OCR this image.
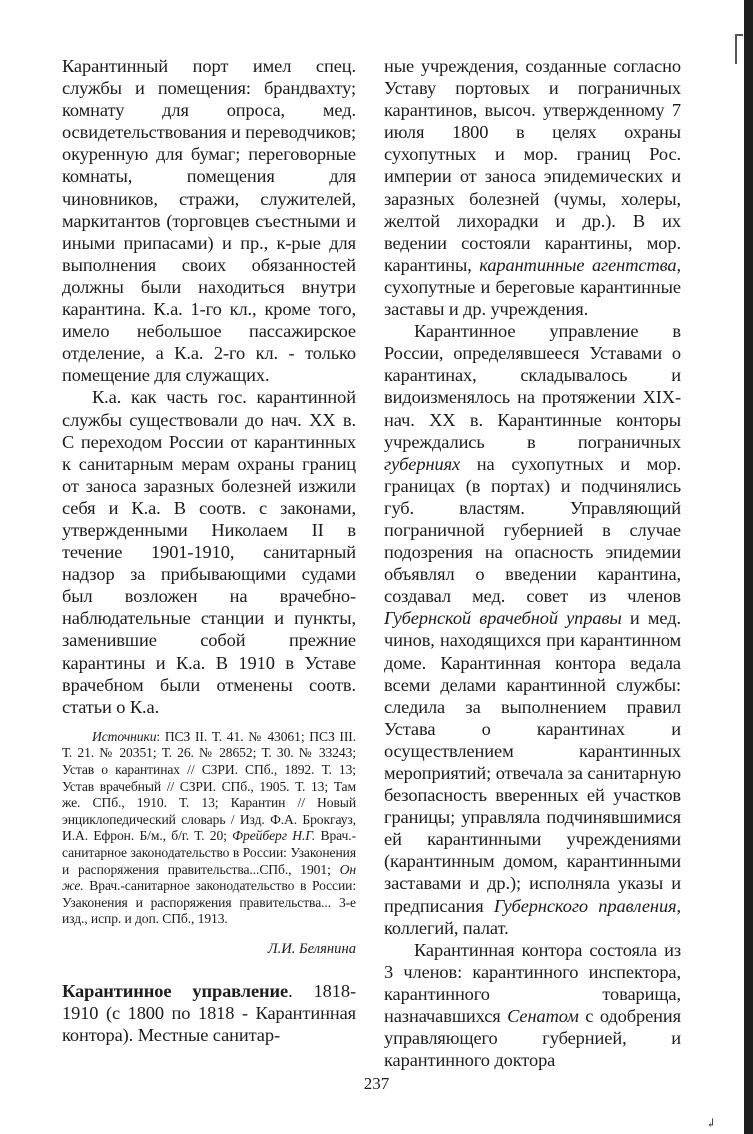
Карантинный порт имел спец. службы и помещения: брандвахту; комнату для опроса, мед. освидетельствования и переводчиков; окуренную для бумаг; переговорные комнаты, помещения для чиновников, стражи, служителей, маркитантов (торговцев съестными и иными припасами) и пр., к-рые для выполнения своих обязанностей должны были находиться внутри карантина. К.а. 1-го кл., кроме того, имело небольшое пассажирское отделение, а К.а. 2-го кл. - только помещение для служащих.

К.а. как часть гос. карантинной службы существовали до нач. XX в. С переходом России от карантинных к санитарным мерам охраны границ от заноса заразных болезней изжили себя и К.а. В соотв. с законами, утвержденными Николаем II в течение 1901-1910, санитарный надзор за прибывающими судами был возложен на врачебно-наблюдательные станции и пункты, заменившие собой прежние карантины и К.а. В 1910 в Уставе врачебном были отменены соотв. статьи о К.а.

Источники: ПСЗ II. Т. 41. № 43061; ПСЗ III. Т. 21. № 20351; Т. 26. № 28652; Т. 30. № 33243; Устав о карантинах // СЗРИ. СПб., 1892. Т. 13; Устав врачебный // СЗРИ. СПб., 1905. Т. 13; Там же. СПб., 1910. Т. 13; Карантин // Новый энциклопедический словарь / Изд. Ф.А. Брокгауз, И.А. Ефрон. Б/м., б/г. Т. 20; Фрейберг Н.Г. Врач.-санитарное законодательство в России: Узаконения и распоряжения правительства...СПб., 1901; Он же. Врач.-санитарное законодательство в России: Узаконения и распоряжения правительства... 3-е изд., испр. и доп. СПб., 1913.

Л.И. Белянина

Карантинное управление. 1818-1910 (с 1800 по 1818 - Карантинная контора). Местные санитар-

ные учреждения, созданные согласно Уставу портовых и пограничных карантинов, высоч. утвержденному 7 июля 1800 в целях охраны сухопутных и мор. границ Рос. империи от заноса эпидемических и заразных болезней (чумы, холеры, желтой лихорадки и др.). В их ведении состояли карантины, мор. карантины, карантинные агентства, сухопутные и береговые карантинные заставы и др. учреждения.

Карантинное управление в России, определявшееся Уставами о карантинах, складывалось и видоизменялось на протяжении XIX-нач. XX в. Карантинные конторы учреждались в пограничных губерниях на сухопутных и мор. границах (в портах) и подчинялись губ. властям. Управляющий пограничной губернией в случае подозрения на опасность эпидемии объявлял о введении карантина, создавал мед. совет из членов Губернской врачебной управы и мед. чинов, находящихся при карантинном доме. Карантинная контора ведала всеми делами карантинной службы: следила за выполнением правил Устава о карантинах и осуществлением карантинных мероприятий; отвечала за санитарную безопасность вверенных ей участков границы; управляла подчинявшимися ей карантинными учреждениями (карантинным домом, карантинными заставами и др.); исполняла указы и предписания Губернского правления, коллегий, палат.

Карантинная контора состояла из 3 членов: карантинного инспектора, карантинного товарища, назначавшихся Сенатом с одобрения управляющего губернией, и карантинного доктора

237
↲
